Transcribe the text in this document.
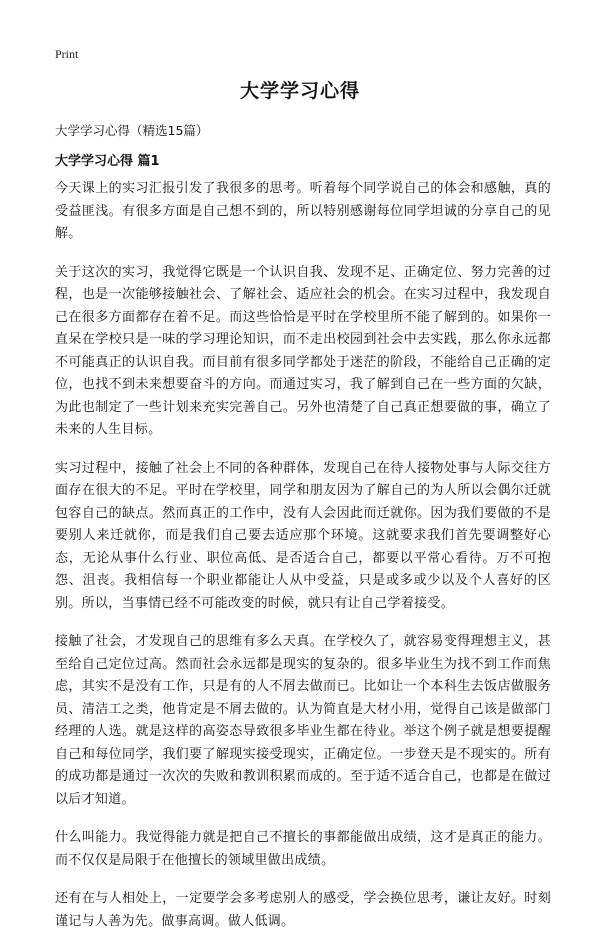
Print
大学学习心得
大学学习心得（精选15篇）
大学学习心得 篇1

今天课上的实习汇报引发了我很多的思考。听着每个同学说自己的体会和感触，真的受益匪浅。有很多方面是自己想不到的，所以特别感谢每位同学坦诚的分享自己的见解。

关于这次的实习，我觉得它既是一个认识自我、发现不足、正确定位、努力完善的过程，也是一次能够接触社会、了解社会、适应社会的机会。在实习过程中，我发现自己在很多方面都存在着不足。而这些恰恰是平时在学校里所不能了解到的。如果你一直呆在学校只是一味的学习理论知识，而不走出校园到社会中去实践，那么你永远都不可能真正的认识自我。而目前有很多同学都处于迷茫的阶段，不能给自己正确的定位，也找不到未来想要奋斗的方向。而通过实习，我了解到自己在一些方面的欠缺，为此也制定了一些计划来充实完善自己。另外也清楚了自己真正想要做的事，确立了未来的人生目标。

实习过程中，接触了社会上不同的各种群体，发现自己在待人接物处事与人际交往方面存在很大的不足。平时在学校里，同学和朋友因为了解自己的为人所以会偶尔迁就包容自己的缺点。然而真正的工作中，没有人会因此而迁就你。因为我们要做的不是要别人来迁就你，而是我们自己要去适应那个环境。这就要求我们首先要调整好心态，无论从事什么行业、职位高低、是否适合自己，都要以平常心看待。万不可抱怨、沮丧。我相信每一个职业都能让人从中受益，只是或多或少以及个人喜好的区别。所以，当事情已经不可能改变的时候，就只有让自己学着接受。

接触了社会，才发现自己的思维有多么天真。在学校久了，就容易变得理想主义，甚至给自己定位过高。然而社会永远都是现实的复杂的。很多毕业生为找不到工作而焦虑，其实不是没有工作，只是有的人不屑去做而已。比如让一个本科生去饭店做服务员、清洁工之类，他肯定是不屑去做的。认为简直是大材小用，觉得自己该是做部门经理的人选。就是这样的高姿态导致很多毕业生都在待业。举这个例子就是想要提醒自己和每位同学，我们要了解现实接受现实，正确定位。一步登天是不现实的。所有的成功都是通过一次次的失败和教训积累而成的。至于适不适合自己，也都是在做过以后才知道。

什么叫能力。我觉得能力就是把自己不擅长的事都能做出成绩，这才是真正的能力。而不仅仅是局限于在他擅长的领域里做出成绩。

还有在与人相处上，一定要学会多考虑别人的感受，学会换位思考，谦让友好。时刻谨记与人善为先。做事高调。做人低调。
